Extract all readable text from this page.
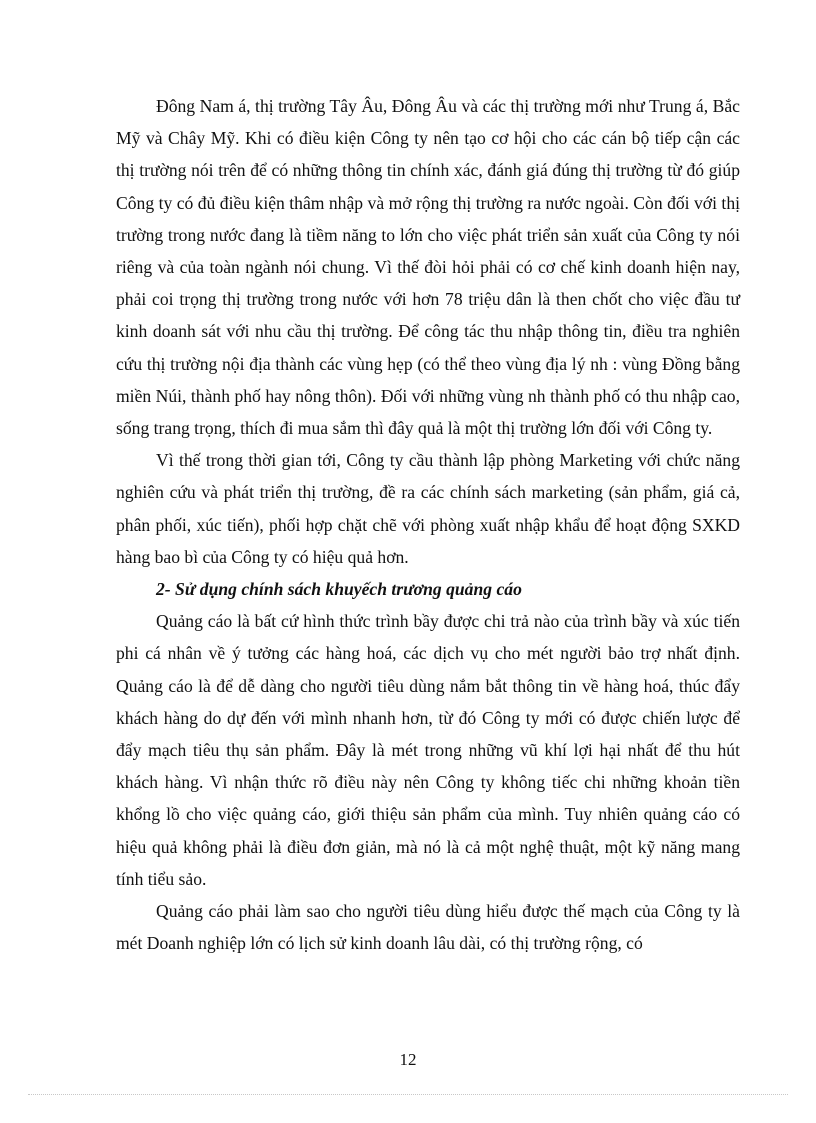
Đông Nam á, thị trường Tây Âu, Đông Âu và các thị trường mới như Trung á, Bắc Mỹ và Châу Mỹ. Khi có điều kiện Công ty nên tạo cơ hội cho các cán bộ tiếp cận các thị trường nói trên để có những thông tin chính xác, đánh giá đúng thị trường từ đó giúp Công ty có đủ điều kiện thâm nhập và mở rộng thị trường ra nước ngoài. Còn đối với thị trường trong nước đang là tiềm năng to lớn cho việc phát triển sản xuất của Công ty nói riêng và của toàn ngành nói chung. Vì thế đòi hỏi phải có cơ chế kinh doanh hiện nay, phải coi trọng thị trường trong nước với hơn 78 triệu dân là then chốt cho việc đầu tư kinh doanh sát với nhu cầu thị trường. Để công tác thu nhập thông tin, điều tra nghiên cứu thị trường nội địa thành các vùng hẹp (có thể theo vùng địa lý nh : vùng Đồng bằng miền Núi, thành phố hay nông thôn). Đối với những vùng nh thành phố có thu nhập cao, sống trang trọng, thích đi mua sắm thì đây quả là một thị trường lớn đối với Công ty.

Vì thế trong thời gian tới, Công ty cầu thành lập phòng Marketing với chức năng nghiên cứu và phát triển thị trường, đề ra các chính sách marketing (sản phẩm, giá cả, phân phối, xúc tiến), phối hợp chặt chẽ với phòng xuất nhập khẩu để hoạt động SXKD hàng bao bì của Công ty có hiệu quả hơn.

2- Sử dụng chính sách khuyếch trương quảng cáo

Quảng cáo là bất cứ hình thức trình bầy được chi trả nào của trình bầy và xúc tiến phi cá nhân về ý tưởng các hàng hoá, các dịch vụ cho mét người bảo trợ nhất định. Quảng cáo là để dễ dàng cho người tiêu dùng nắm bắt thông tin về hàng hoá, thúc đẩy khách hàng do dự đến với mình nhanh hơn, từ đó Công ty mới có được chiến lược để đẩy mạch tiêu thụ sản phẩm. Đây là mét trong những vũ khí lợi hại nhất để thu hút khách hàng. Vì nhận thức rõ điều này nên Công ty không tiếc chi những khoản tiền khổng lồ cho việc quảng cáo, giới thiệu sản phẩm của mình. Tuy nhiên quảng cáo có hiệu quả không phải là điều đơn giản, mà nó là cả một nghệ thuật, một kỹ năng mang tính tiểu sảo.

Quảng cáo phải làm sao cho người tiêu dùng hiểu được thế mạch của Công ty là mét Doanh nghiệp lớn có lịch sử kinh doanh lâu dài, có thị trường rộng, có

12
